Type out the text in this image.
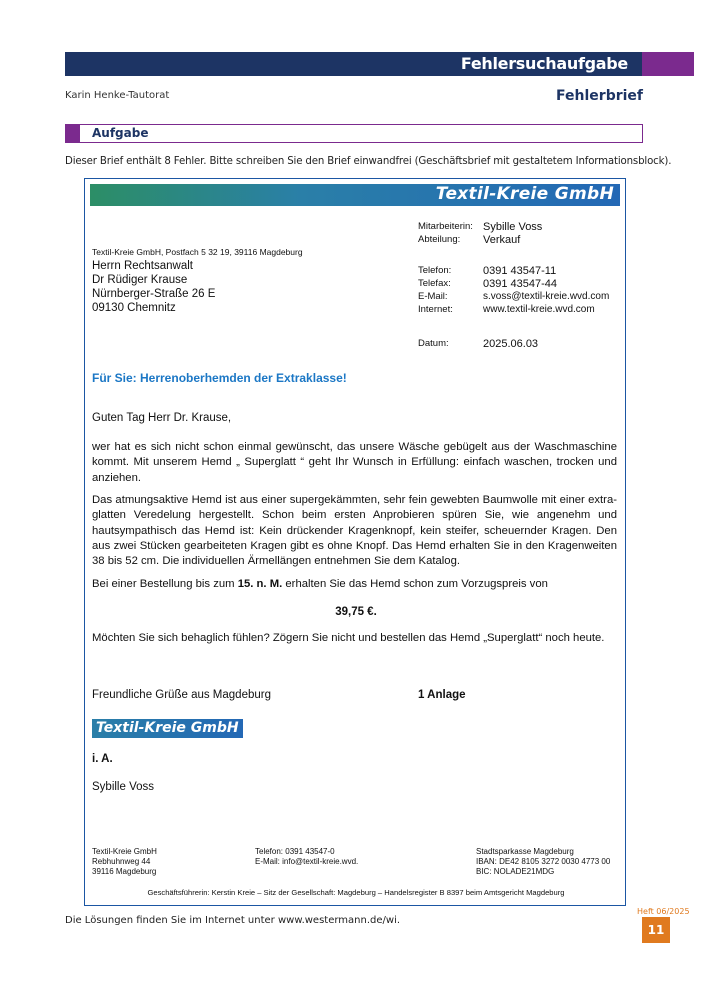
Fehlersuchaufgabe
Karin Henke-Tautorat	Fehlerbrief
Aufgabe
Dieser Brief enthält 8 Fehler. Bitte schreiben Sie den Brief einwandfrei (Geschäftsbrief mit gestaltetem Informationsblock).
Textil-Kreie GmbH
Mitarbeiterin: Sybille Voss
Abteilung: Verkauf
Telefon:	0391 43547-11
Telefax:	0391 43547-44
E-Mail:	s.voss@textil-kreie.wvd.com
Internet:	www.textil-kreie.wvd.com
Datum:	2025.06.03
Textil-Kreie GmbH, Postfach 5 32 19, 39116 Magdeburg
Herrn Rechtsanwalt
Dr Rüdiger Krause
Nürnberger-Straße 26 E
09130 Chemnitz
Für Sie: Herrenoberhemden der Extraklasse!
Guten Tag Herr Dr. Krause,
wer hat es sich nicht schon einmal gewünscht, das unsere Wäsche gebügelt aus der Waschmaschine kommt. Mit unserem Hemd „ Superglatt “ geht Ihr Wunsch in Erfüllung: einfach waschen, trocken und anziehen.
Das atmungsaktive Hemd ist aus einer supergekämmten, sehr fein gewebten Baumwolle mit einer extra-glatten Veredelung hergestellt. Schon beim ersten Anprobieren spüren Sie, wie angenehm und hautsympathisch das Hemd ist: Kein drückender Kragenknopf, kein steifer, scheuernder Kragen. Den aus zwei Stücken gearbeiteten Kragen gibt es ohne Knopf. Das Hemd erhalten Sie in den Kragenweiten 38 bis 52 cm. Die individuellen Ärmellängen entnehmen Sie dem Katalog.
Bei einer Bestellung bis zum 15. n. M. erhalten Sie das Hemd schon zum Vorzugspreis von
39,75 €.
Möchten Sie sich behaglich fühlen? Zögern Sie nicht und bestellen das Hemd „Superglatt“ noch heute.
Freundliche Grüße aus Magdeburg	1 Anlage
Textil-Kreie GmbH
i. A.
Sybille Voss
Textil-Kreie GmbH
Rebhuhnweg 44
39116 Magdeburg
Telefon: 0391 43547-0
E-Mail: info@textil-kreie.wvd.
Stadtsparkasse Magdeburg
IBAN: DE42 8105 3272 0030 4773 00
BIC: NOLADE21MDG
Geschäftsführerin: Kerstin Kreie – Sitz der Gesellschaft: Magdeburg – Handelsregister B 8397 beim Amtsgericht Magdeburg
Die Lösungen finden Sie im Internet unter www.westermann.de/wi.
Heft 06/2025
11
